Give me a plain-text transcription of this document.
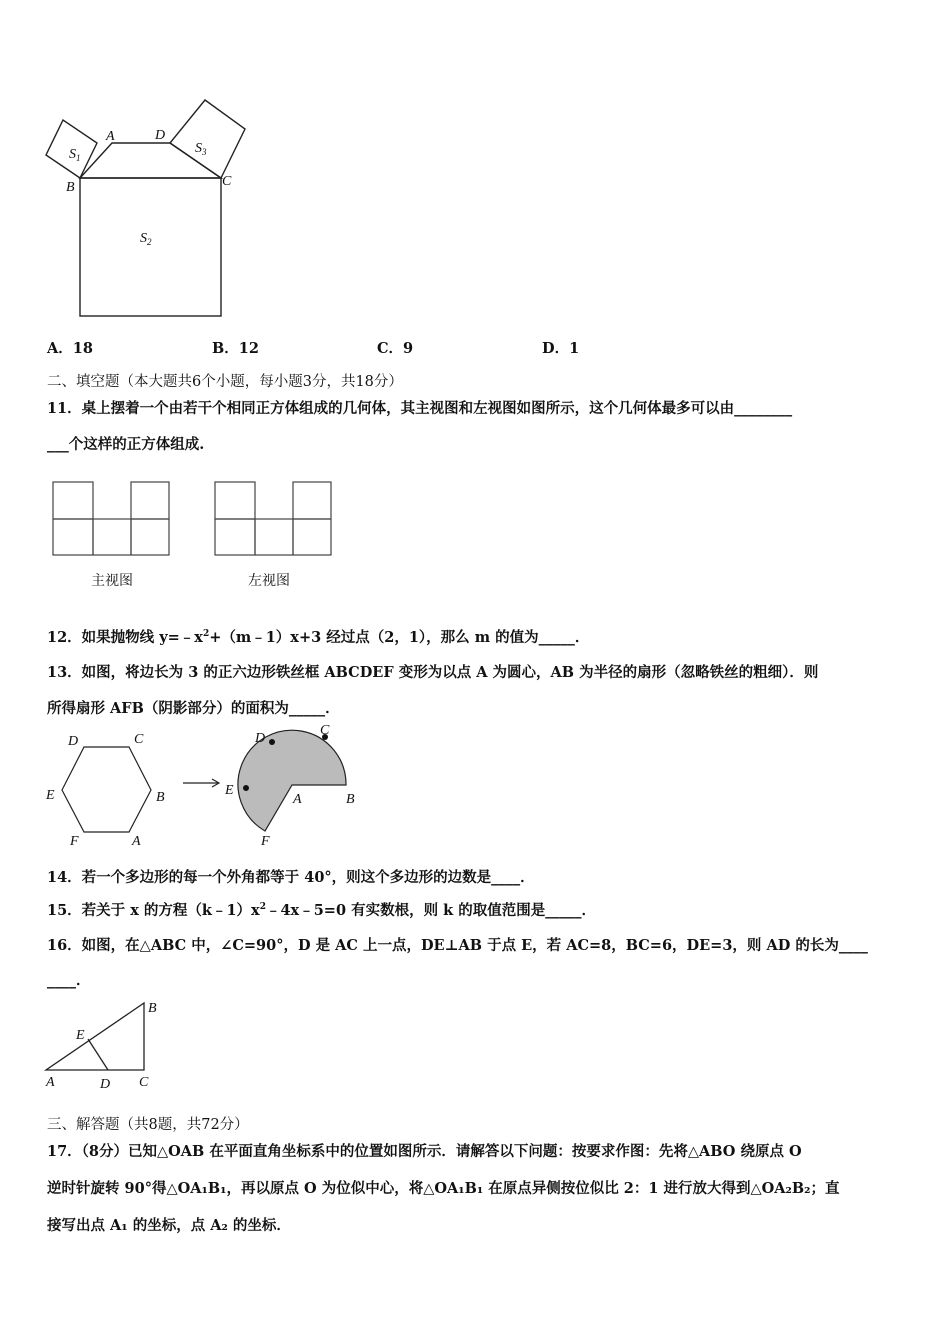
A	D
B	C
$S_1$
$S_3$
$S_2$
A．18	B．12	C．9	D．1
二、填空题（本大题共6个小题，每小题3分，共18分）
11．桌上摆着一个由若干个相同正方体组成的几何体，其主视图和左视图如图所示，这个几何体最多可以由________
___个这样的正方体组成.
主视图	左视图
12．如果抛物线 $y=﹣x^2+(m﹣1)x+3$ 经过点（2，1），那么 m 的值为_____．
13．如图，将边长为 3 的正六边形铁丝框 ABCDEF 变形为以点 A 为圆心，AB 为半径的扇形（忽略铁丝的粗细）．则
所得扇形 AFB（阴影部分）的面积为_____．
D	C
E	B
F	A
D
C
E
A	B
F
14．若一个多边形的每一个外角都等于 40°，则这个多边形的边数是____．
15．若关于 x 的方程$(k﹣1)x^2﹣4x﹣5=0$ 有实数根，则 k 的取值范围是_____．
16．如图，在△ABC 中，∠C=90°，D 是 AC 上一点，DE⊥AB 于点 E，若 AC=8，BC=6，DE=3，则 AD 的长为____
____．
B
E
A	D C
三、解答题（共8题，共72分）
17．（8分）已知△OAB 在平面直角坐标系中的位置如图所示．请解答以下问题：按要求作图：先将△ABO 绕原点 O
逆时针旋转 90°得△OA₁B₁，再以原点 O 为位似中心，将△OA₁B₁ 在原点异侧按位似比 2：1 进行放大得到△OA₂B₂；直
接写出点 A₁ 的坐标，点 A₂ 的坐标．
